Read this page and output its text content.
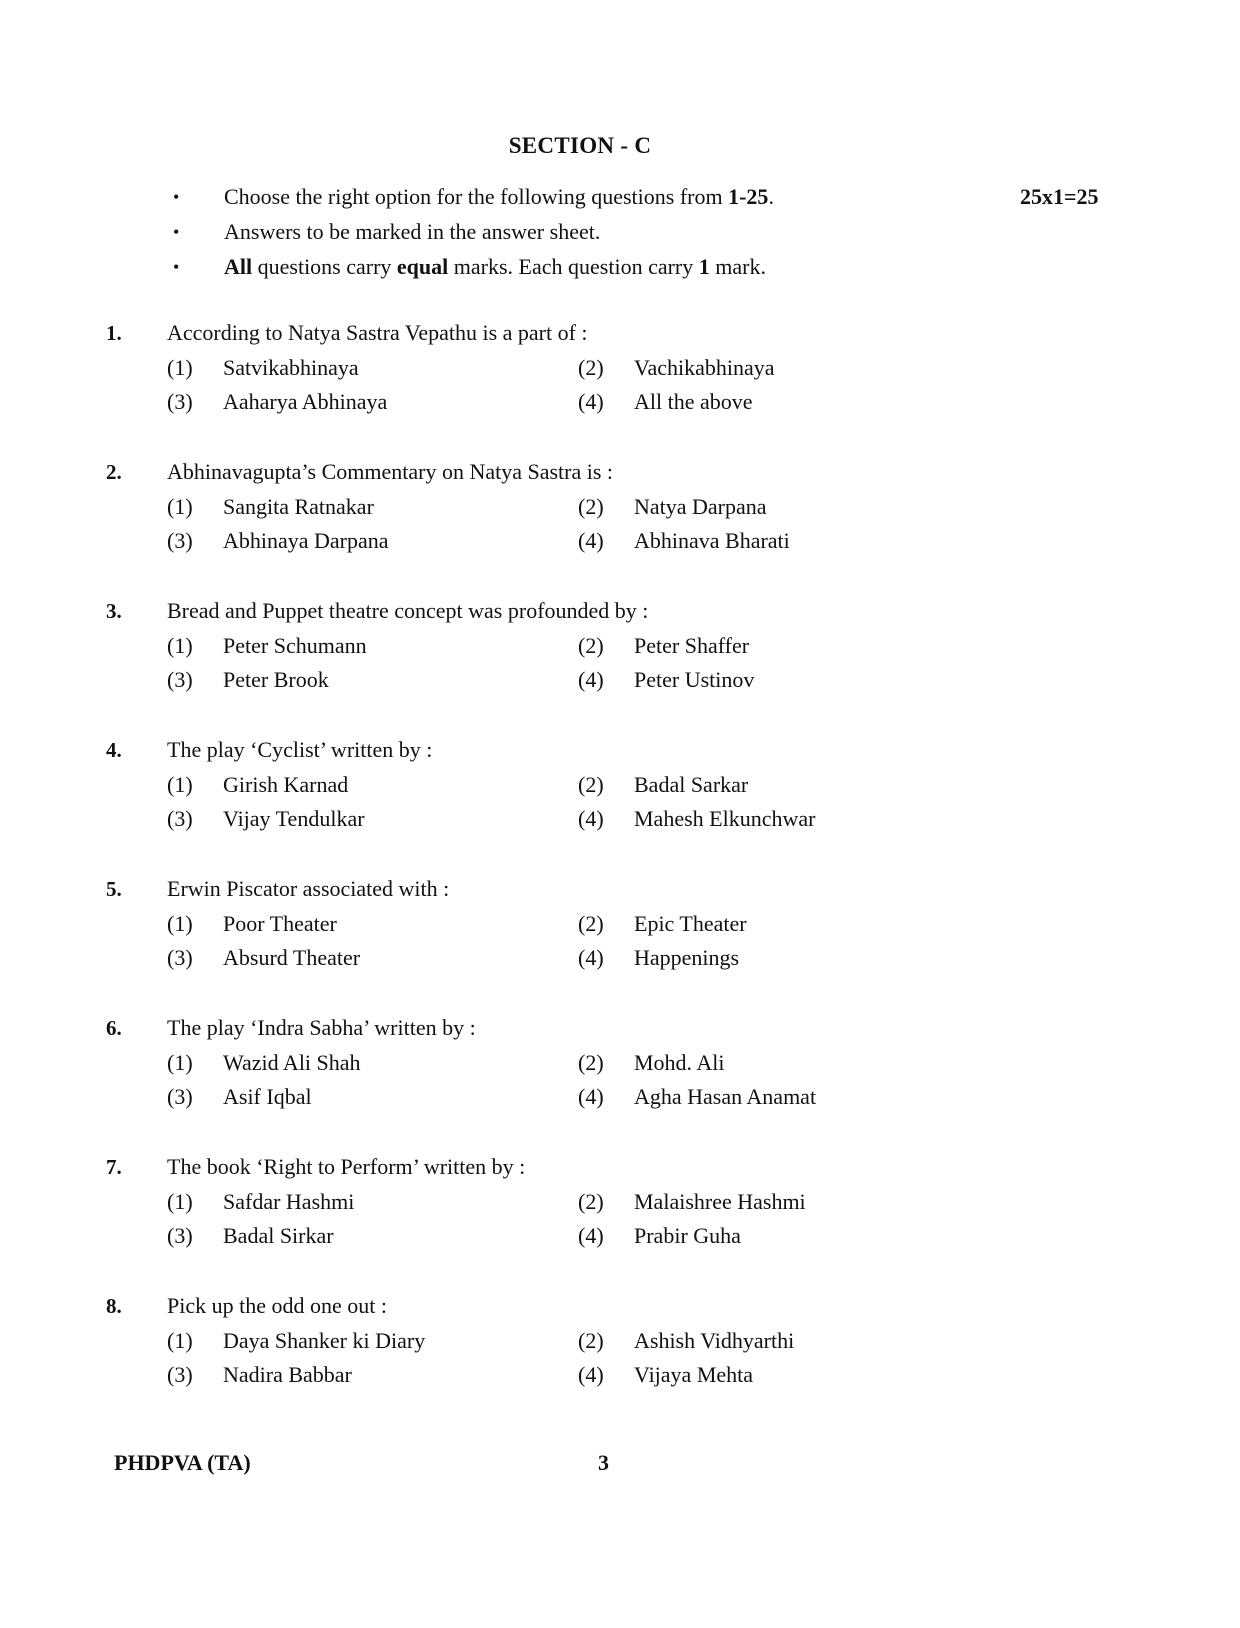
SECTION - C
25x1=25
• Choose the right option for the following questions from 1-25.
• Answers to be marked in the answer sheet.
• All questions carry equal marks. Each question carry 1 mark.
1. According to Natya Sastra Vepathu is a part of :
(1) Satvikabhinaya	(2) Vachikabhinaya
(3) Aaharya Abhinaya	(4) All the above
2. Abhinavagupta’s Commentary on Natya Sastra is :
(1) Sangita Ratnakar	(2) Natya Darpana
(3) Abhinaya Darpana	(4) Abhinava Bharati
3. Bread and Puppet theatre concept was profounded by :
(1) Peter Schumann	(2) Peter Shaffer
(3) Peter Brook	(4) Peter Ustinov
4. The play ‘Cyclist’ written by :
(1) Girish Karnad	(2) Badal Sarkar
(3) Vijay Tendulkar	(4) Mahesh Elkunchwar
5. Erwin Piscator associated with :
(1) Poor Theater	(2) Epic Theater
(3) Absurd Theater	(4) Happenings
6. The play ‘Indra Sabha’ written by :
(1) Wazid Ali Shah	(2) Mohd. Ali
(3) Asif Iqbal	(4) Agha Hasan Anamat
7. The book ‘Right to Perform’ written by :
(1) Safdar Hashmi	(2) Malaishree Hashmi
(3) Badal Sirkar	(4) Prabir Guha
8. Pick up the odd one out :
(1) Daya Shanker ki Diary	(2) Ashish Vidhyarthi
(3) Nadira Babbar	(4) Vijaya Mehta
PHDPVA (TA)	3
